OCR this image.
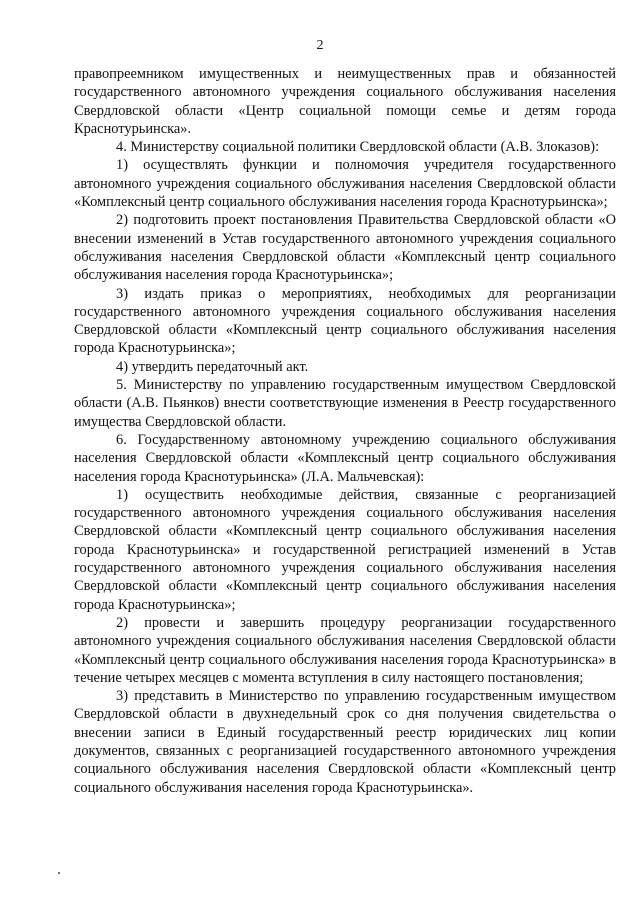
2

правопреемником имущественных и неимущественных прав и обязанностей государственного автономного учреждения социального обслуживания населения Свердловской области «Центр социальной помощи семье и детям города Краснотурьинска».

4. Министерству социальной политики Свердловской области (А.В. Злоказов):

1) осуществлять функции и полномочия учредителя государственного автономного учреждения социального обслуживания населения Свердловской области «Комплексный центр социального обслуживания населения города Краснотурьинска»;

2) подготовить проект постановления Правительства Свердловской области «О внесении изменений в Устав государственного автономного учреждения социального обслуживания населения Свердловской области «Комплексный центр социального обслуживания населения города Краснотурьинска»;

3) издать приказ о мероприятиях, необходимых для реорганизации государственного автономного учреждения социального обслуживания населения Свердловской области «Комплексный центр социального обслуживания населения города Краснотурьинска»;

4) утвердить передаточный акт.

5. Министерству по управлению государственным имуществом Свердловской области (А.В. Пьянков) внести соответствующие изменения в Реестр государственного имущества Свердловской области.

6. Государственному автономному учреждению социального обслуживания населения Свердловской области «Комплексный центр социального обслуживания населения города Краснотурьинска» (Л.А. Мальчевская):

1) осуществить необходимые действия, связанные с реорганизацией государственного автономного учреждения социального обслуживания населения Свердловской области «Комплексный центр социального обслуживания населения города Краснотурьинска» и государственной регистрацией изменений в Устав государственного автономного учреждения социального обслуживания населения Свердловской области «Комплексный центр социального обслуживания населения города Краснотурьинска»;

2) провести и завершить процедуру реорганизации государственного автономного учреждения социального обслуживания населения Свердловской области «Комплексный центр социального обслуживания населения города Краснотурьинска» в течение четырех месяцев с момента вступления в силу настоящего постановления;

3) представить в Министерство по управлению государственным имуществом Свердловской области в двухнедельный срок со дня получения свидетельства о внесении записи в Единый государственный реестр юридических лиц копии документов, связанных с реорганизацией государственного автономного учреждения социального обслуживания населения Свердловской области «Комплексный центр социального обслуживания населения города Краснотурьинска».
